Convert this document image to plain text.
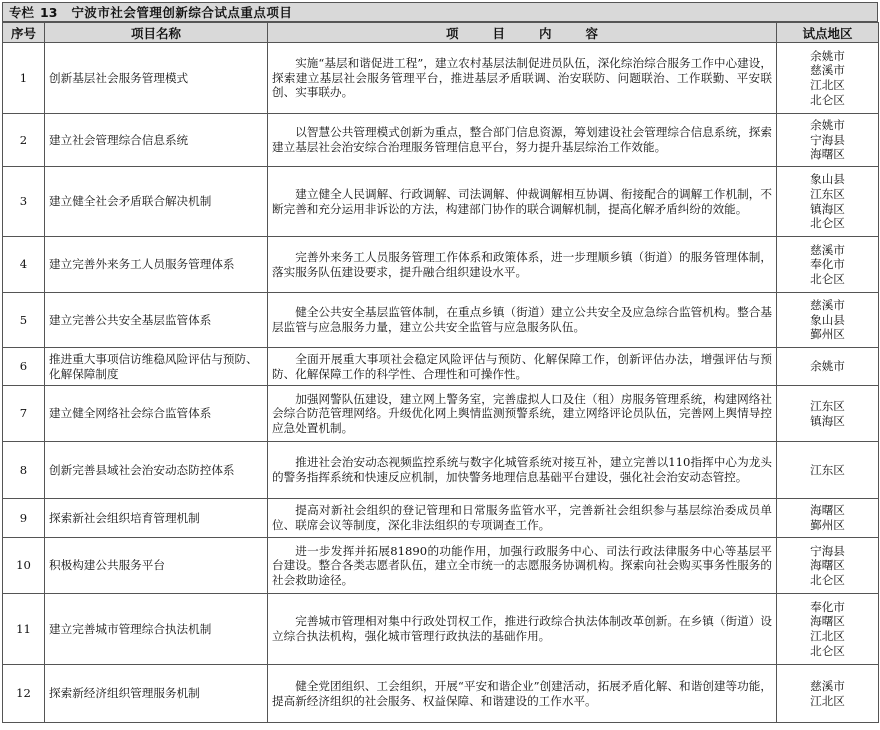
专栏 13	宁波市社会管理创新综合试点重点项目
序号	项目名称	项目内容	试点地区
1	创新基层社会服务管理模式	实施“基层和谐促进工程”，建立农村基层法制促进员队伍，深化综治综合服务工作中心建设，探索建立基层社会服务管理平台，推进基层矛盾联调、治安联防、问题联治、工作联勤、平安联创、实事联办。	余姚市
慈溪市
江北区
北仑区

2	建立社会管理综合信息系统	以智慧公共管理模式创新为重点，整合部门信息资源，筹划建设社会管理综合信息系统，探索建立基层社会治安综合治理服务管理信息平台，努力提升基层综治工作效能。	余姚市
宁海县
海曙区

3	建立健全社会矛盾联合解决机制	建立健全人民调解、行政调解、司法调解、仲裁调解相互协调、衔接配合的调解工作机制，不断完善和充分运用非诉讼的方法，构建部门协作的联合调解机制，提高化解矛盾纠纷的效能。	象山县
江东区
镇海区
北仑区

4	建立完善外来务工人员服务管理体系	完善外来务工人员服务管理工作体系和政策体系，进一步理顺乡镇（街道）的服务管理体制，落实服务队伍建设要求，提升融合组织建设水平。	慈溪市
奉化市
北仑区

5	建立完善公共安全基层监管体系	健全公共安全基层监管体制，在重点乡镇（街道）建立公共安全及应急综合监管机构。整合基层监管与应急服务力量，建立公共安全监管与应急服务队伍。	慈溪市
象山县
鄞州区

6	推进重大事项信访维稳风险评估与预防、化解保障制度	全面开展重大事项社会稳定风险评估与预防、化解保障工作，创新评估办法，增强评估与预防、化解保障工作的科学性、合理性和可操作性。	余姚市

7	建立健全网络社会综合监管体系	加强网警队伍建设，建立网上警务室，完善虚拟人口及住（租）房服务管理系统，构建网络社会综合防范管理网络。升级优化网上舆情监测预警系统，建立网络评论员队伍，完善网上舆情导控应急处置机制。	江东区
镇海区

8	创新完善县域社会治安动态防控体系	推进社会治安动态视频监控系统与数字化城管系统对接互补，建立完善以110指挥中心为龙头的警务指挥系统和快速反应机制，加快警务地理信息基础平台建设，强化社会治安动态管控。	江东区

9	探索新社会组织培育管理机制	提高对新社会组织的登记管理和日常服务监管水平，完善新社会组织参与基层综治委成员单位、联席会议等制度，深化非法组织的专项调查工作。	海曙区
鄞州区

10	积极构建公共服务平台	进一步发挥并拓展81890的功能作用，加强行政服务中心、司法行政法律服务中心等基层平台建设。整合各类志愿者队伍，建立全市统一的志愿服务协调机构。探索向社会购买事务性服务的社会救助途径。	宁海县
海曙区
北仑区

11	建立完善城市管理综合执法机制	完善城市管理相对集中行政处罚权工作，推进行政综合执法体制改革创新。在乡镇（街道）设立综合执法机构，强化城市管理行政执法的基础作用。	奉化市
海曙区
江北区
北仑区

12	探索新经济组织管理服务机制	健全党团组织、工会组织，开展“平安和谐企业”创建活动，拓展矛盾化解、和谐创建等功能，提高新经济组织的社会服务、权益保障、和谐建设的工作水平。	慈溪市
江北区
